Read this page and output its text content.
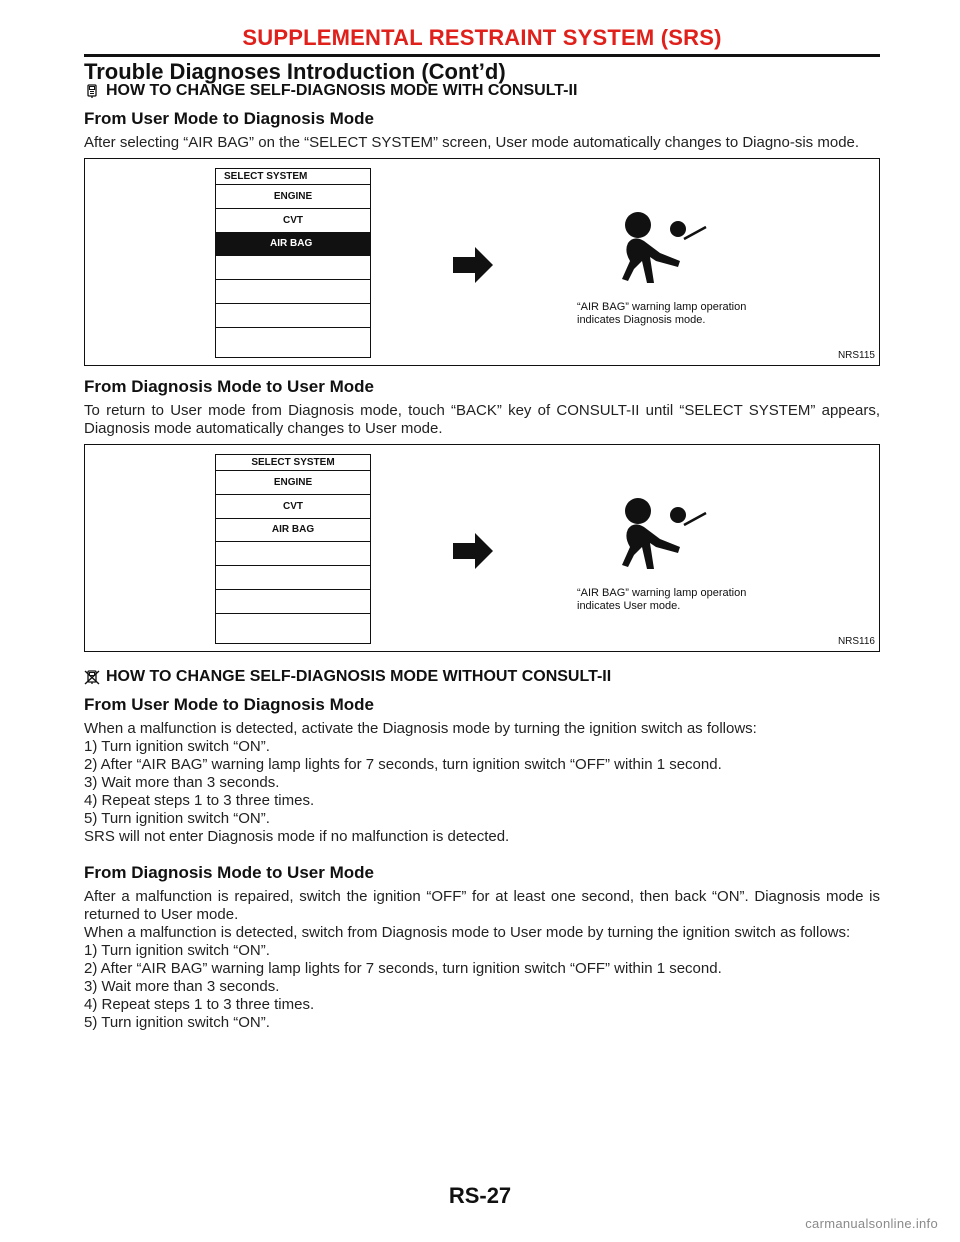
SUPPLEMENTAL RESTRAINT SYSTEM (SRS)
Trouble Diagnoses Introduction (Cont’d)
HOW TO CHANGE SELF-DIAGNOSIS MODE WITH CONSULT-II
From User Mode to Diagnosis Mode

After selecting “AIR BAG” on the “SELECT SYSTEM” screen, User mode automatically changes to Diagno-sis mode.

SELECT SYSTEM
ENGINE
CVT
AIR BAG
“AIR BAG” warning lamp operation
indicates Diagnosis mode.
NRS115
From Diagnosis Mode to User Mode

To return to User mode from Diagnosis mode, touch “BACK” key of CONSULT-II until “SELECT SYSTEM” appears, Diagnosis mode automatically changes to User mode.

SELECT SYSTEM
ENGINE
CVT
AIR BAG
“AIR BAG” warning lamp operation
indicates User mode.
NRS116
HOW TO CHANGE SELF-DIAGNOSIS MODE WITHOUT CONSULT-II
From User Mode to Diagnosis Mode

When a malfunction is detected, activate the Diagnosis mode by turning the ignition switch as follows:

1) Turn ignition switch “ON”.

2) After “AIR BAG” warning lamp lights for 7 seconds, turn ignition switch “OFF” within 1 second.

3) Wait more than 3 seconds.

4) Repeat steps 1 to 3 three times.

5) Turn ignition switch “ON”.

SRS will not enter Diagnosis mode if no malfunction is detected.

From Diagnosis Mode to User Mode

After a malfunction is repaired, switch the ignition “OFF” for at least one second, then back “ON”. Diagnosis mode is returned to User mode.

When a malfunction is detected, switch from Diagnosis mode to User mode by turning the ignition switch as follows:

1) Turn ignition switch “ON”.

2) After “AIR BAG” warning lamp lights for 7 seconds, turn ignition switch “OFF” within 1 second.

3) Wait more than 3 seconds.

4) Repeat steps 1 to 3 three times.

5) Turn ignition switch “ON”.

RS-27
carmanualsonline.info
